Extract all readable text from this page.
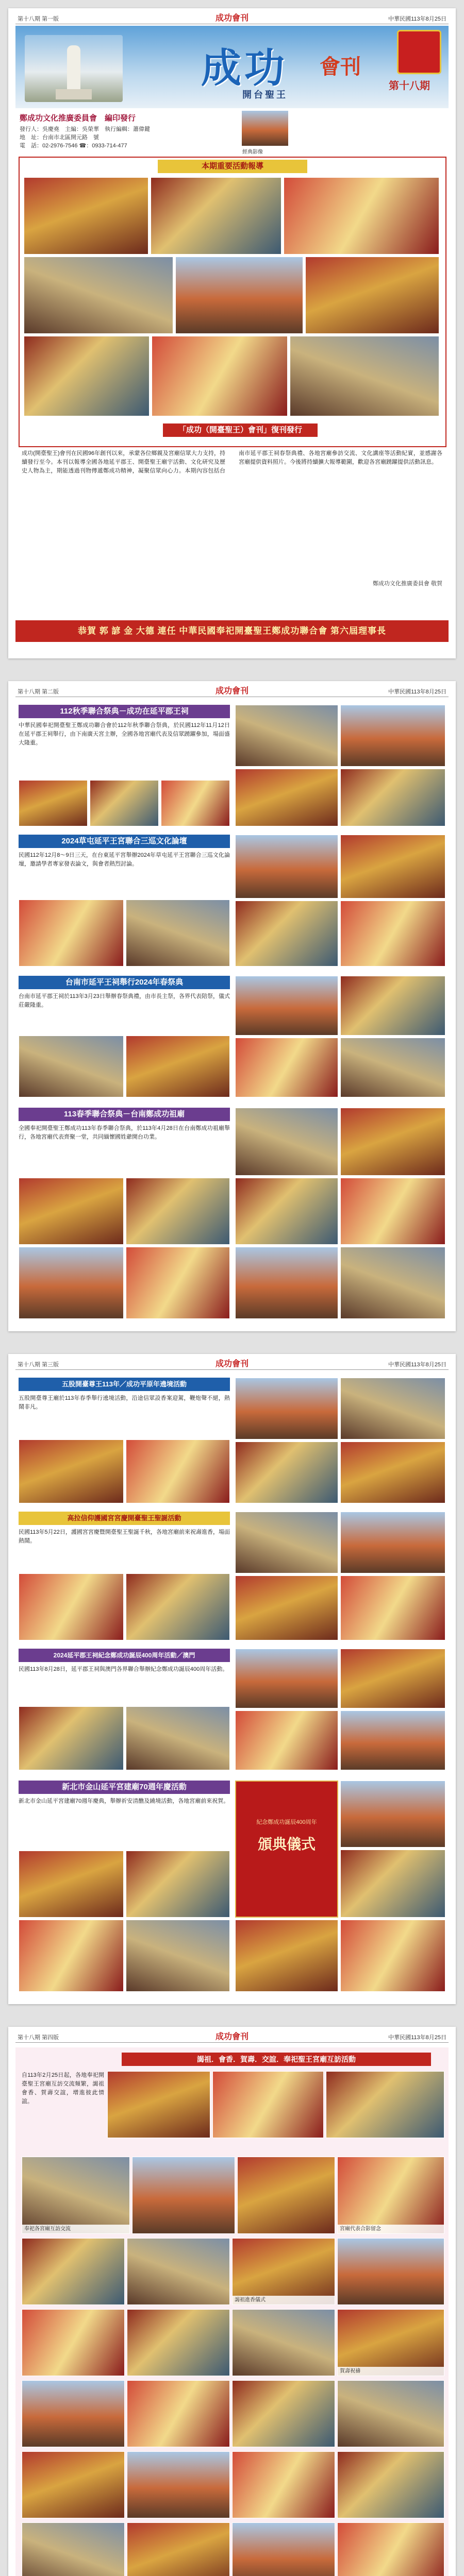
第十八期 第一版	成功會刊	中華民國113年8月25日
成功 會刊
開台聖王
第十八期
鄭成功文化推廣委員會　編印發行
發行人：吳慶堯　主編：吳榮華　執行編輯：蕭偉鍵
地　址：台南市北區開元路　號
電　話：02-2976-7546 ☎：0933-714-477
經典影像
本期重要活動報導
「成功（開臺聖王）會刊」復刊發行
成功(開臺聖王)會刊在民國96年創刊以來，承蒙各位鄉親及宮廟信眾大力支持，持續發行至今。本刊以報導全國各地延平郡王、開臺聖王廟宇活動、文化研究及歷史人物為主，期能透過刊物傳遞鄭成功精神，凝聚信眾向心力。本期內容包括台南市延平郡王祠春祭典禮、各地宮廟參訪交流、文化講座等活動紀實，並感謝各宮廟提供資料照片。今後將持續擴大報導範圍，歡迎各宮廟踴躍提供活動訊息。
鄭成功文化推廣委員會 敬賀
恭賀 郭 諺 金 大德 連任 中華民國奉祀開臺聖王鄭成功聯合會 第六屆理事長
第十八期 第二版	成功會刊	中華民國113年8月25日
112秋季聯合祭典－成功在延平郡王祠
中華民國奉祀開臺聖王鄭成功聯合會於112年秋季聯合祭典，於民國112年11月12日在延平郡王祠舉行，由下南廣天宮主辦，全國各地宮廟代表及信眾踴躍參加，場面盛大隆重。
2024草屯延平王宮聯合三巡文化論壇
民國112年12月8～9日三天，在台東延平宮舉辦2024年草屯延平王宮聯合三巡文化論壇，邀請學者專家發表論文，與會者熱烈討論。
台南市延平王祠舉行2024年春祭典
台南市延平郡王祠於113年3月23日舉辦春祭典禮，由市長主祭，各界代表陪祭，儀式莊嚴隆重。
113春季聯合祭典－台南鄭成功祖廟
全國奉祀開臺聖王鄭成功113年春季聯合祭典，於113年4月28日在台南鄭成功祖廟舉行，各地宮廟代表齊聚一堂，共同緬懷國姓爺開台功業。
第十八期 第三版	成功會刊	中華民國113年8月25日
五股開臺尊王113年／成功平原年遶境活動
五股開臺尊王廟於113年春季舉行遶境活動，沿途信眾設香案迎駕，鞭炮聲不絕，熱鬧非凡。
高拉信仰護國宮宮慶開臺聖王聖誕活動
民國113年5月22日，護國宮宮慶暨開臺聖王聖誕千秋，各地宮廟前來祝壽進香，場面熱鬧。
2024延平郡王祠紀念鄭成功誕辰400周年活動／澳門
民國113年8月28日，延平郡王祠與澳門各界聯合舉辦紀念鄭成功誕辰400周年活動。
新北市金山延平宮建廟70週年慶活動
新北市金山延平宮建廟70週年慶典，舉辦祈安清醮及繞境活動，各地宮廟前來祝賀。
紀念鄭成功誕辰400周年
頒典儀式
第十八期 第四版	成功會刊	中華民國113年8月25日
謁祖．會香．賀壽．交誼．奉祀聖王宮廟互訪活動
自113年2月25日起，各地奉祀開臺聖王宮廟互訪交流頻繁，謁祖會香、賀壽交誼，增進彼此情誼。
奉祀各宮廟互訪交流	宮廟代表合影留念
謁祖進香儀式
賀壽祝禱
